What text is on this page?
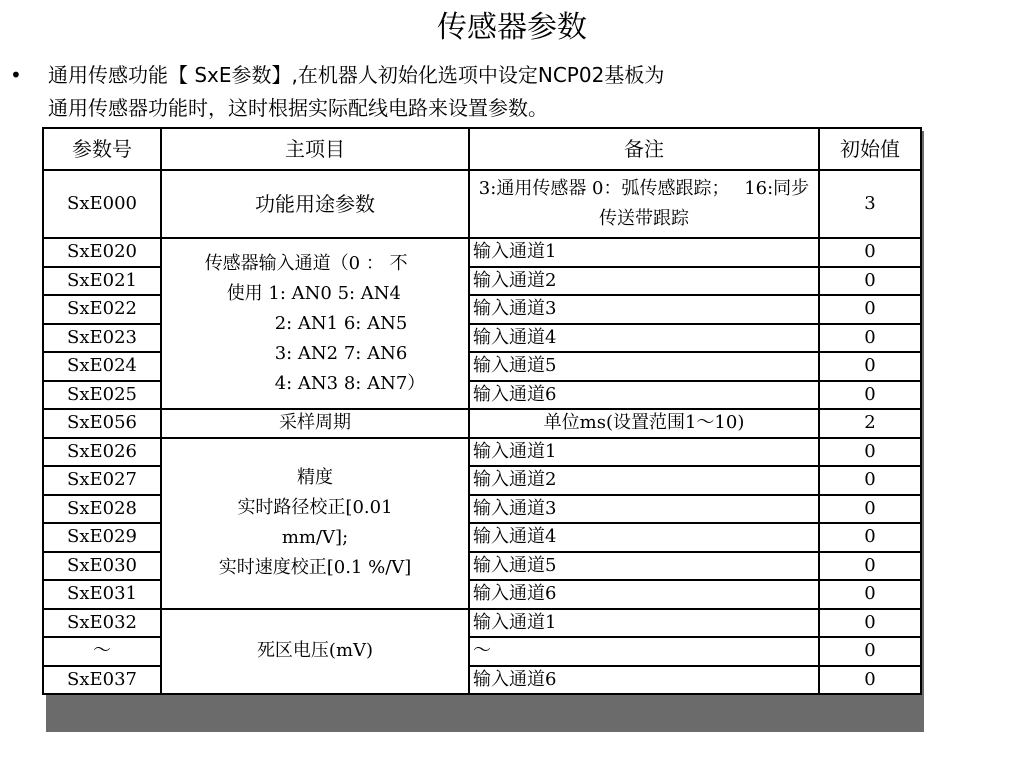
传感器参数
• 通用传感功能【 SxE参数】,在机器人初始化选项中设定NCP02基板为
通用传感器功能时，这时根据实际配线电路来设置参数。
参数号	主项目	备注	初始值
SxE000	功能用途参数	3:通用传感器 0：弧传感跟踪；　 16:同步传送带跟踪	3
SxE020	传感器输入通道（0 ： 不
使用 1: AN0 5: AN4
2: AN1 6: AN5
3: AN2 7: AN6
4: AN3 8: AN7）	输入通道1	0
SxE021		输入通道2	0
SxE022		输入通道3	0
SxE023		输入通道4	0
SxE024		输入通道5	0
SxE025		输入通道6	0
SxE056	采样周期	单位ms(设置范围1～10)	2
SxE026	精度
实时路径校正[0.01
mm/V];
实时速度校正[0.1 %/V]	输入通道1	0
SxE027		输入通道2	0
SxE028		输入通道3	0
SxE029		输入通道4	0
SxE030		输入通道5	0
SxE031		输入通道6	0
SxE032	死区电压(mV)	输入通道1	0
～		～	0
SxE037		输入通道6	0
